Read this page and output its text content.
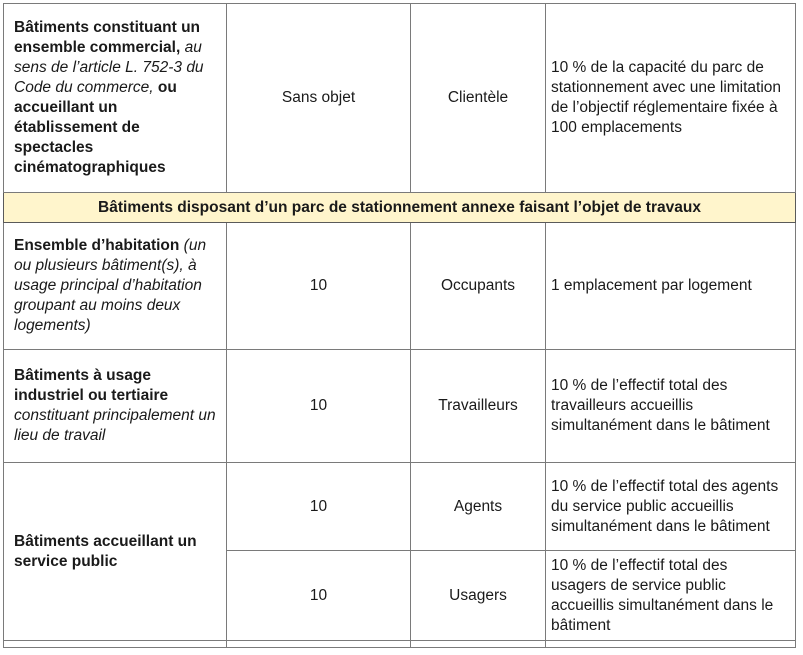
Bâtiments constituant un ensemble commercial, au sens de l’article L. 752-3 du Code du commerce, ou accueillant un établissement de spectacles cinématographiques	Sans objet	Clientèle	10 % de la capacité du parc de stationnement avec une limitation de l’objectif réglementaire fixée à 100 emplacements
Bâtiments disposant d’un parc de stationnement annexe faisant l’objet de travaux			
Ensemble d’habitation (un ou plusieurs bâtiment(s), à usage principal d’habitation groupant au moins deux logements)	10	Occupants	1 emplacement par logement
Bâtiments à usage industriel ou tertiaire constituant principalement un lieu de travail	10	Travailleurs	10 % de l’effectif total des travailleurs accueillis simultanément dans le bâtiment
Bâtiments accueillant un service public	10	Agents	10 % de l’effectif total des agents du service public accueillis simultanément dans le bâtiment
	10	Usagers	10 % de l’effectif total des usagers de service public accueillis simultanément dans le bâtiment
